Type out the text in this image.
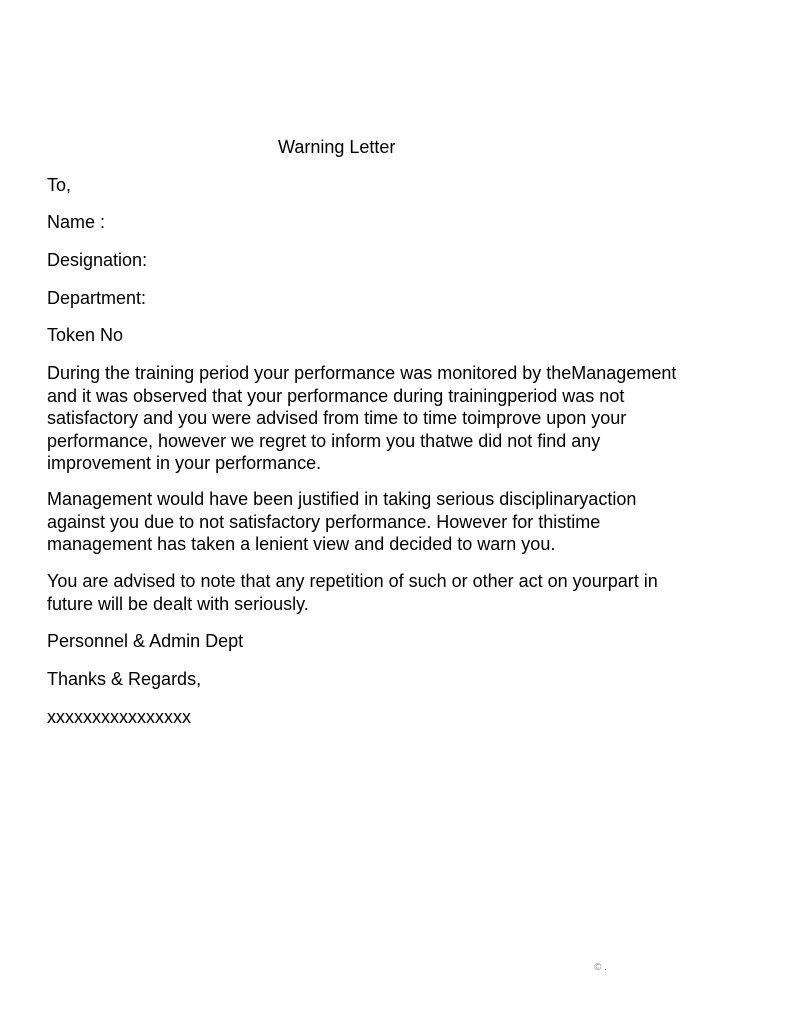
Warning Letter
To,
Name :
Designation:
Department:
Token No
During the training period your performance was monitored by theManagement
and it was observed that your performance during trainingperiod was not
satisfactory and you were advised from time to time toimprove upon your
performance, however we regret to inform you thatwe did not find any
improvement in your performance.
Management would have been justified in taking serious disciplinaryaction
against you due to not satisfactory performance. However for thistime
management has taken a lenient view and decided to warn you.
You are advised to note that any repetition of such or other act on yourpart in
future will be dealt with seriously.
Personnel & Admin Dept
Thanks & Regards,
xxxxxxxxxxxxxxxx
© .
